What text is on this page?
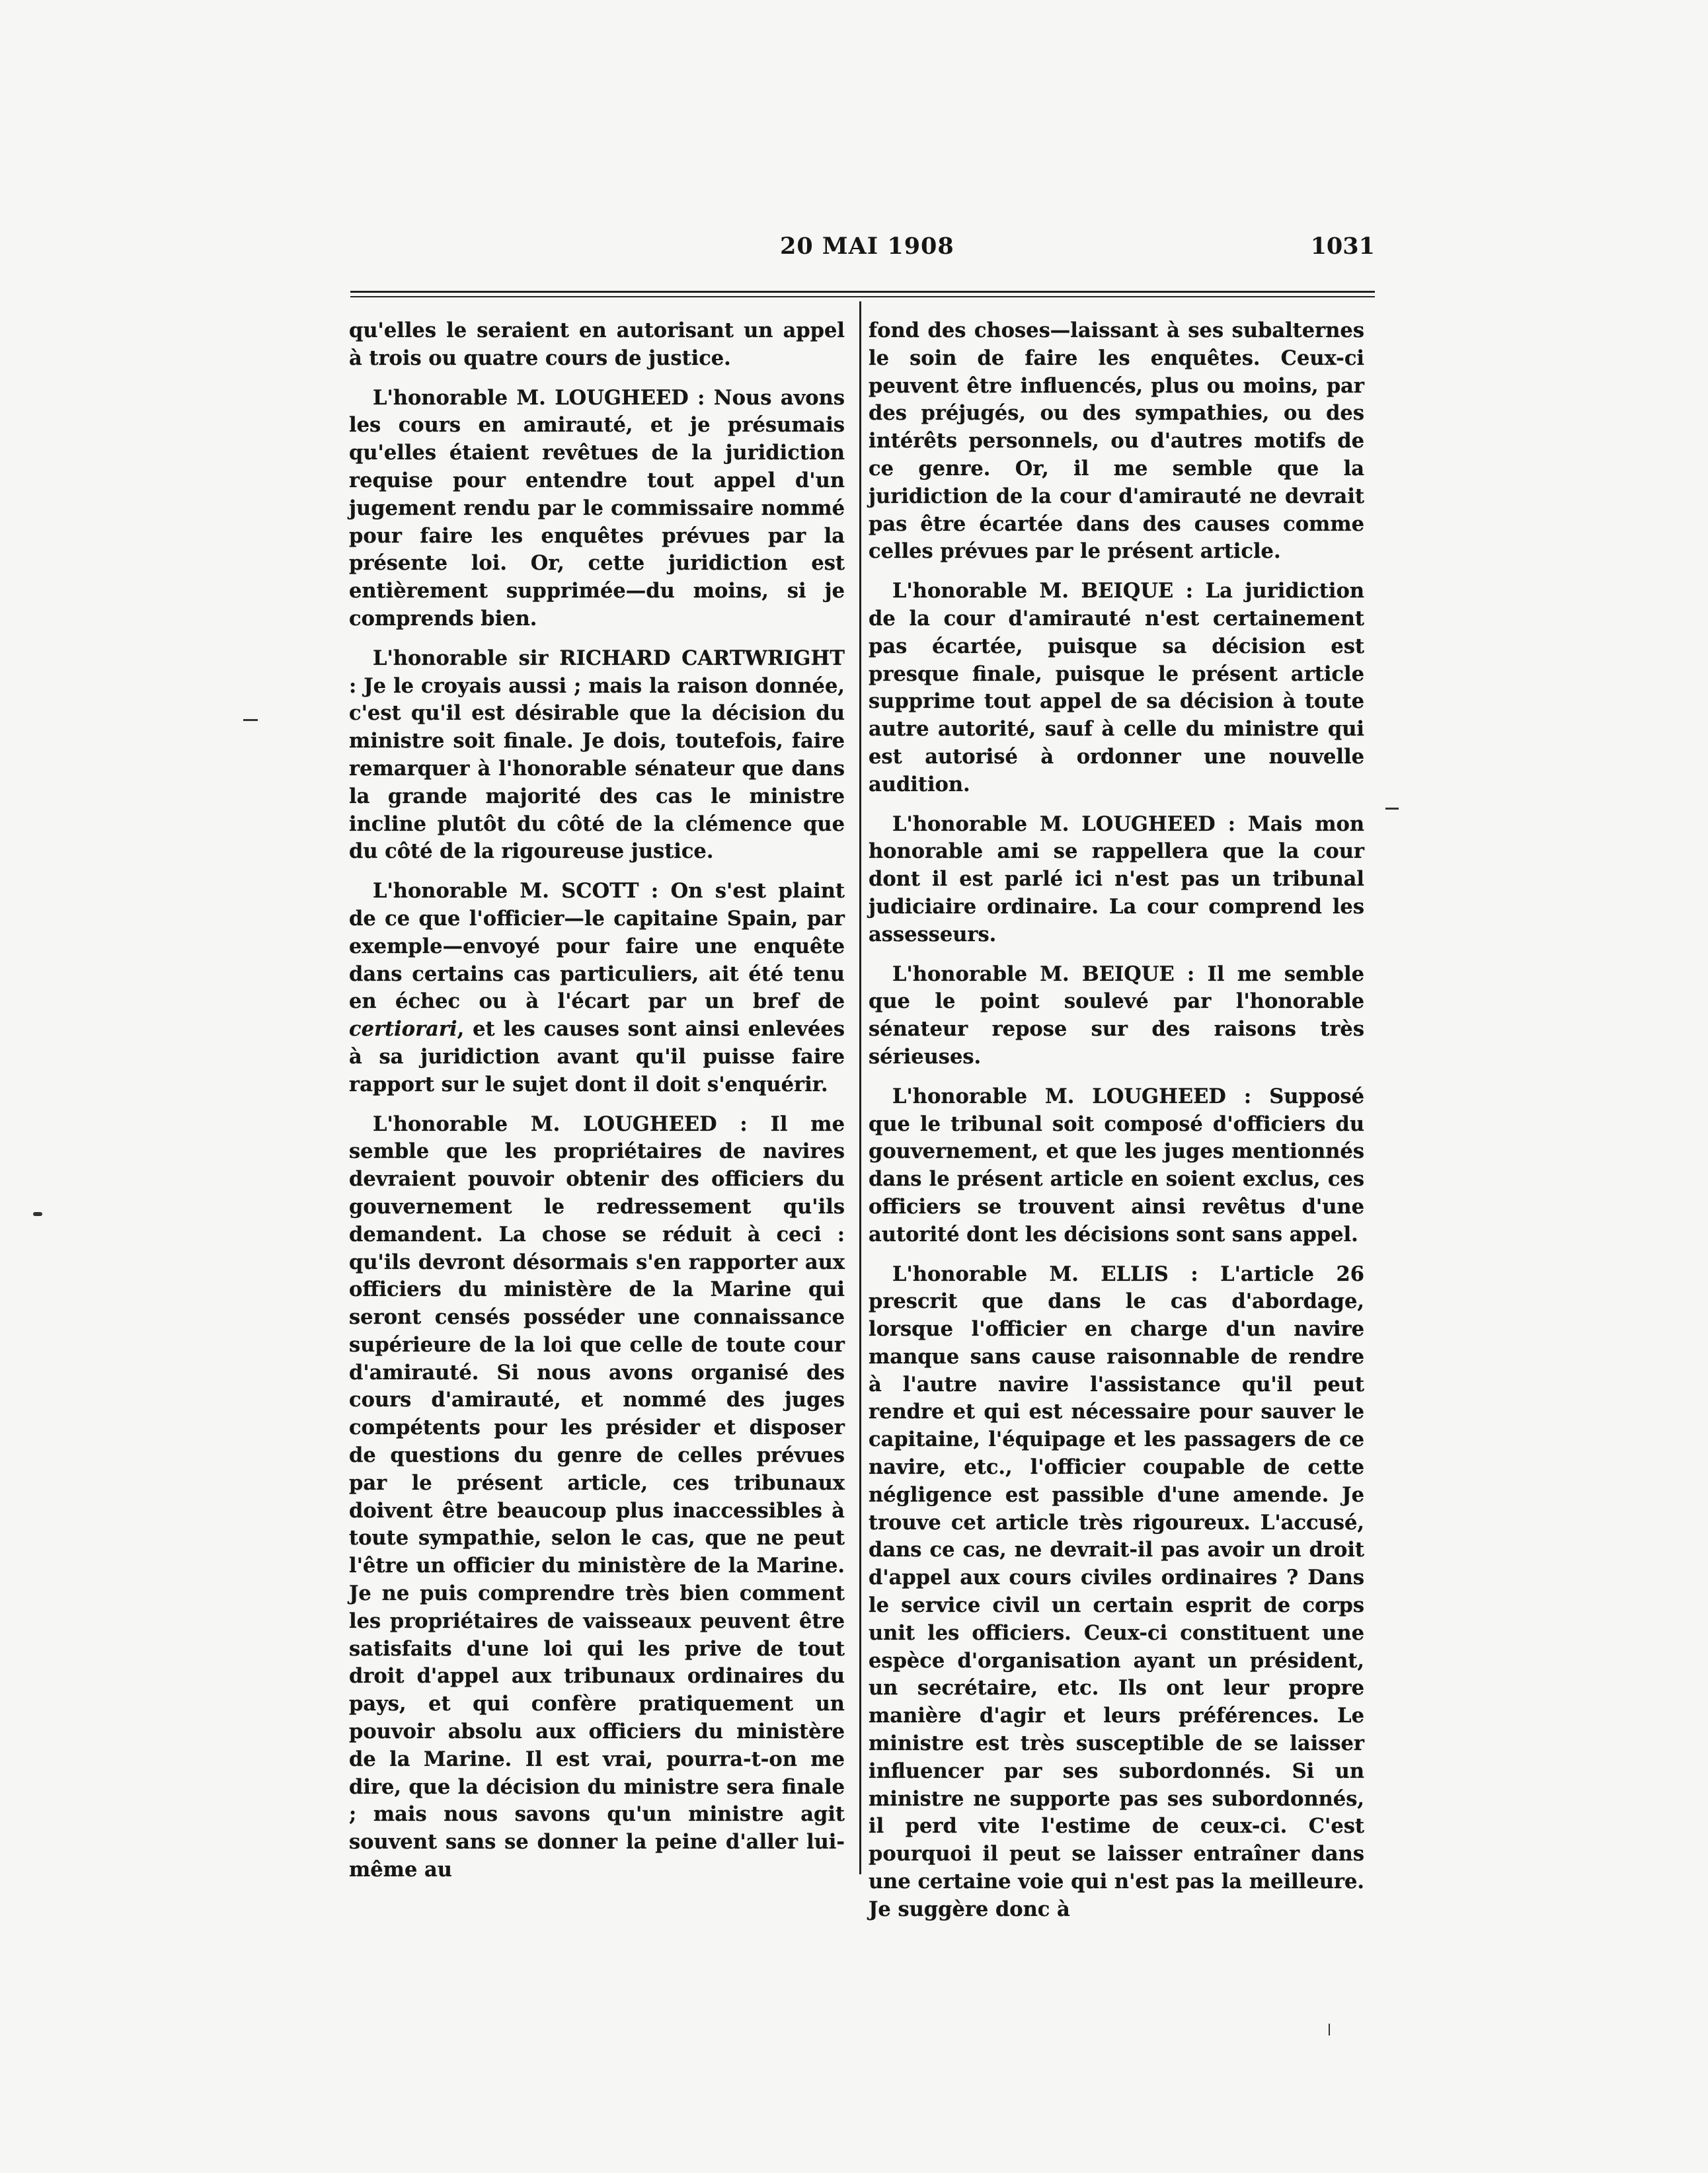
20 MAI 1908	1031

qu'elles le seraient en autorisant un appel à trois ou quatre cours de justice.

L'honorable M. LOUGHEED : Nous avons les cours en amirauté, et je présumais qu'elles étaient revêtues de la juridiction requise pour entendre tout appel d'un jugement rendu par le commissaire nommé pour faire les enquêtes prévues par la présente loi. Or, cette juridiction est entièrement supprimée—du moins, si je comprends bien.

L'honorable sir RICHARD CARTWRIGHT : Je le croyais aussi ; mais la raison donnée, c'est qu'il est désirable que la décision du ministre soit finale. Je dois, toutefois, faire remarquer à l'honorable sénateur que dans la grande majorité des cas le ministre incline plutôt du côté de la clémence que du côté de la rigoureuse justice.

L'honorable M. SCOTT : On s'est plaint de ce que l'officier—le capitaine Spain, par exemple—envoyé pour faire une enquête dans certains cas particuliers, ait été tenu en échec ou à l'écart par un bref de certiorari, et les causes sont ainsi enlevées à sa juridiction avant qu'il puisse faire rapport sur le sujet dont il doit s'enquérir.

L'honorable M. LOUGHEED : Il me semble que les propriétaires de navires devraient pouvoir obtenir des officiers du gouvernement le redressement qu'ils demandent. La chose se réduit à ceci : qu'ils devront désormais s'en rapporter aux officiers du ministère de la Marine qui seront censés posséder une connaissance supérieure de la loi que celle de toute cour d'amirauté. Si nous avons organisé des cours d'amirauté, et nommé des juges compétents pour les présider et disposer de questions du genre de celles prévues par le présent article, ces tribunaux doivent être beaucoup plus inaccessibles à toute sympathie, selon le cas, que ne peut l'être un officier du ministère de la Marine. Je ne puis comprendre très bien comment les propriétaires de vaisseaux peuvent être satisfaits d'une loi qui les prive de tout droit d'appel aux tribunaux ordinaires du pays, et qui confère pratiquement un pouvoir absolu aux officiers du ministère de la Marine. Il est vrai, pourra-t-on me dire, que la décision du ministre sera finale ; mais nous savons qu'un ministre agit souvent sans se donner la peine d'aller lui-même au

fond des choses—laissant à ses subalternes le soin de faire les enquêtes. Ceux-ci peuvent être influencés, plus ou moins, par des préjugés, ou des sympathies, ou des intérêts personnels, ou d'autres motifs de ce genre. Or, il me semble que la juridiction de la cour d'amirauté ne devrait pas être écartée dans des causes comme celles prévues par le présent article.

L'honorable M. BEIQUE : La juridiction de la cour d'amirauté n'est certainement pas écartée, puisque sa décision est presque finale, puisque le présent article supprime tout appel de sa décision à toute autre autorité, sauf à celle du ministre qui est autorisé à ordonner une nouvelle audition.

L'honorable M. LOUGHEED : Mais mon honorable ami se rappellera que la cour dont il est parlé ici n'est pas un tribunal judiciaire ordinaire. La cour comprend les assesseurs.

L'honorable M. BEIQUE : Il me semble que le point soulevé par l'honorable sénateur repose sur des raisons très sérieuses.

L'honorable M. LOUGHEED : Supposé que le tribunal soit composé d'officiers du gouvernement, et que les juges mentionnés dans le présent article en soient exclus, ces officiers se trouvent ainsi revêtus d'une autorité dont les décisions sont sans appel.

L'honorable M. ELLIS : L'article 26 prescrit que dans le cas d'abordage, lorsque l'officier en charge d'un navire manque sans cause raisonnable de rendre à l'autre navire l'assistance qu'il peut rendre et qui est nécessaire pour sauver le capitaine, l'équipage et les passagers de ce navire, etc., l'officier coupable de cette négligence est passible d'une amende. Je trouve cet article très rigoureux. L'accusé, dans ce cas, ne devrait-il pas avoir un droit d'appel aux cours civiles ordinaires ? Dans le service civil un certain esprit de corps unit les officiers. Ceux-ci constituent une espèce d'organisation ayant un président, un secrétaire, etc. Ils ont leur propre manière d'agir et leurs préférences. Le ministre est très susceptible de se laisser influencer par ses subordonnés. Si un ministre ne supporte pas ses subordonnés, il perd vite l'estime de ceux-ci. C'est pourquoi il peut se laisser entraîner dans une certaine voie qui n'est pas la meilleure. Je suggère donc à
